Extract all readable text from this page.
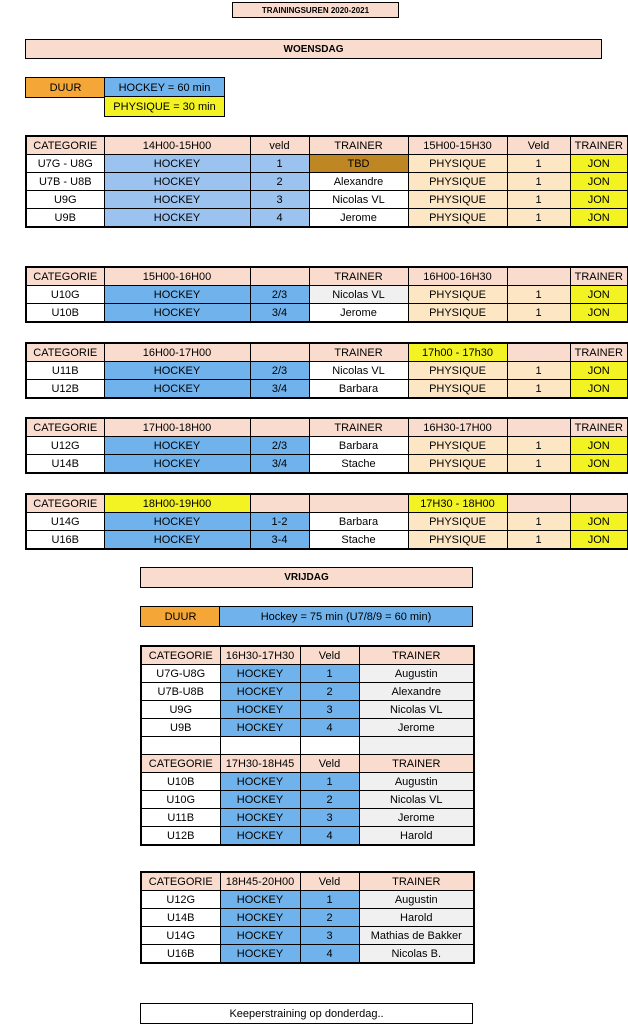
TRAININGSUREN 2020-2021
WOENSDAG
DUUR	HOCKEY = 60 min
PHYSIQUE = 30 min
CATEGORIE	14H00-15H00	veld	TRAINER	15H00-15H30	Veld	TRAINER
U7G - U8G	HOCKEY	1	TBD	PHYSIQUE	1	JON
U7B - U8B	HOCKEY	2	Alexandre	PHYSIQUE	1	JON
U9G	HOCKEY	3	Nicolas VL	PHYSIQUE	1	JON
U9B	HOCKEY	4	Jerome	PHYSIQUE	1	JON
CATEGORIE	15H00-16H00		TRAINER	16H00-16H30		TRAINER
U10G	HOCKEY	2/3	Nicolas VL	PHYSIQUE	1	JON
U10B	HOCKEY	3/4	Jerome	PHYSIQUE	1	JON
CATEGORIE	16H00-17H00		TRAINER	17h00 - 17h30		TRAINER
U11B	HOCKEY	2/3	Nicolas VL	PHYSIQUE	1	JON
U12B	HOCKEY	3/4	Barbara	PHYSIQUE	1	JON
CATEGORIE	17H00-18H00		TRAINER	16H30-17H00		TRAINER
U12G	HOCKEY	2/3	Barbara	PHYSIQUE	1	JON
U14B	HOCKEY	3/4	Stache	PHYSIQUE	1	JON
CATEGORIE	18H00-19H00			17H30 - 18H00		
U14G	HOCKEY	1-2	Barbara	PHYSIQUE	1	JON
U16B	HOCKEY	3-4	Stache	PHYSIQUE	1	JON
VRIJDAG
DUUR	Hockey = 75 min (U7/8/9 = 60 min)
CATEGORIE	16H30-17H30	Veld	TRAINER
U7G-U8G	HOCKEY	1	Augustin
U7B-U8B	HOCKEY	2	Alexandre
U9G	HOCKEY	3	Nicolas VL
U9B	HOCKEY	4	Jerome

CATEGORIE	17H30-18H45	Veld	TRAINER
U10B	HOCKEY	1	Augustin
U10G	HOCKEY	2	Nicolas VL
U11B	HOCKEY	3	Jerome
U12B	HOCKEY	4	Harold
CATEGORIE	18H45-20H00	Veld	TRAINER
U12G	HOCKEY	1	Augustin
U14B	HOCKEY	2	Harold
U14G	HOCKEY	3	Mathias de Bakker
U16B	HOCKEY	4	Nicolas B.
Keeperstraining op donderdag..
